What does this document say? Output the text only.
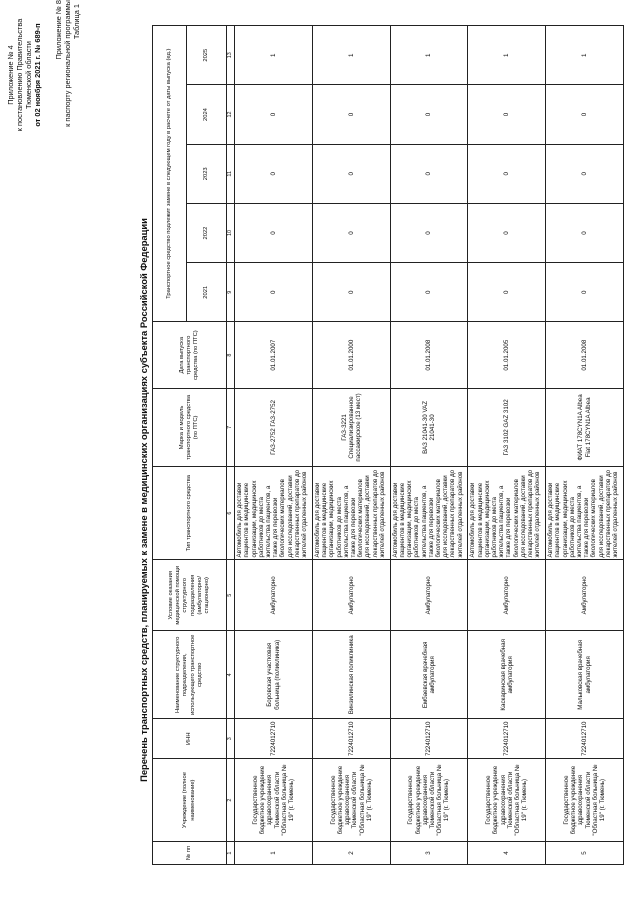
Приложение № 4 к постановлению Правительства Тюменской области от 02 ноября 2021 г. № 689-п Приложение № 8 к паспорту региональной программы Таблица 1
Перечень транспортных средств, планируемых к замене в медицинских организациях субъекта Российской Федерации
№ пп	Учреждение (полное наименование)	ИНН	Наименование структурного подразделения, использующего транспортное средство	Условие оказания медицинской помощи структурного подразделения (амбулаторно/ стационарно)	Тип транспортного средства	Марка и модель транспортного средства (по ПТС)	Дата выпуска транспортного средства (по ПТС)	Транспортное средство подлежит замене в следующем году в расчете от даты выпуска (ед.)				
								2021	2022	2023	2024	2025
1	2	3	4	5	6	7	8	9	10	11	12	13
1	Государственное бюджетное учреждение здравоохранения Тюменской области "Областная больница № 19" (г. Тюмень)	7224012710	Боровская участковая больница (поликлиника)	Амбулаторно	Автомобиль для доставки пациентов в медицинские организации, медицинских работников до места жительства пациентов, а также для перевозки биологических материалов для исследований, доставки лекарственных препаратов до жителей отдаленных районов	ГАЗ-2752 ГАЗ-2752	01.01.2007	0	0	0	0	1
2	Государственное бюджетное учреждение здравоохранения Тюменской области "Областная больница № 19" (г. Тюмень)	7224012710	Винзилинская поликлиника	Амбулаторно	Автомобиль для доставки пациентов в медицинские организации, медицинских работников до места жительства пациентов, а также для перевозки биологических материалов для исследований, доставки лекарственных препаратов до жителей отдаленных районов	ГАЗ-3221 Специализированное пассажирское (13 мест)	01.01.2000	0	0	0	0	1
3	Государственное бюджетное учреждение здравоохранения Тюменской области "Областная больница № 19" (г. Тюмень)	7224012710	Ембаевская врачебная амбулатория	Амбулаторно	Автомобиль для доставки пациентов в медицинские организации, медицинских работников до места жительства пациентов, а также для перевозки биологических материалов для исследований, доставки лекарственных препаратов до жителей отдаленных районов	ВАЗ 21041-30 VAZ 21041-30	01.01.2008	0	0	0	0	1
4	Государственное бюджетное учреждение здравоохранения Тюменской области "Областная больница № 19" (г. Тюмень)	7224012710	Каскаринская врачебная амбулатория	Амбулаторно	Автомобиль для доставки пациентов в медицинские организации, медицинских работников до места жительства пациентов, а также для перевозки биологических материалов для исследований, доставки лекарственных препаратов до жителей отдаленных районов	ГАЗ 3102 GAZ 3102	01.01.2005	0	0	0	0	1
5	Государственное бюджетное учреждение здравоохранения Тюменской области "Областная больница № 19" (г. Тюмень)	7224012710	Мальковская врачебная амбулатория	Амбулаторно	Автомобиль для доставки пациентов в медицинские организации, медицинских работников до места жительства пациентов, а также для перевозки биологических материалов для исследований, доставки лекарственных препаратов до жителей отдаленных районов	ФИАТ 178CYN1A Albea Fiat 178CYN1A Albea	01.01.2008	0	0	0	0	1
